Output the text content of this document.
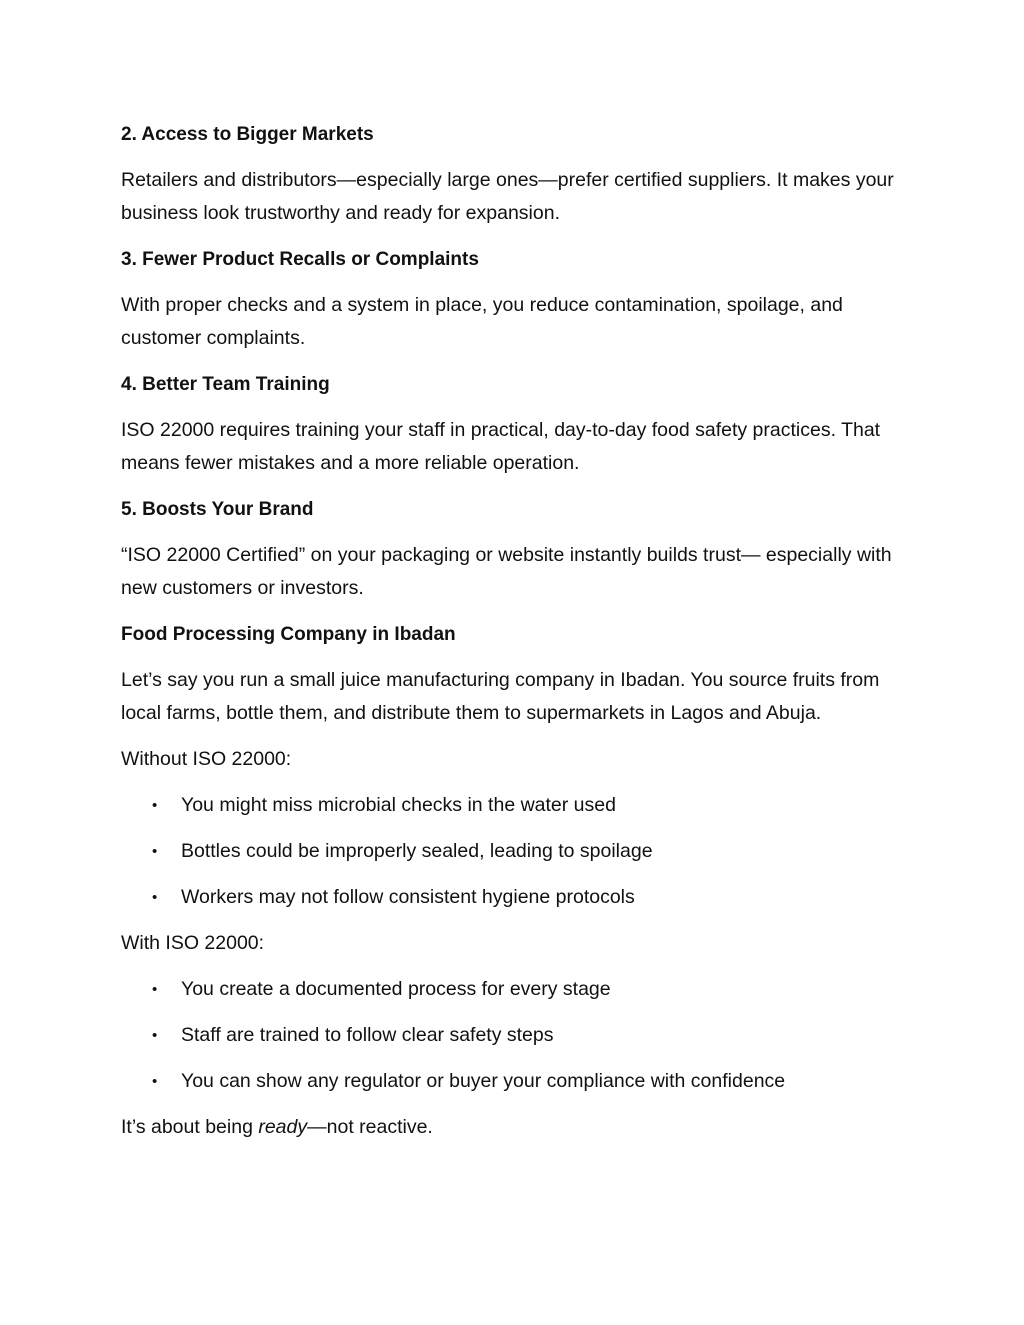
2. Access to Bigger Markets
Retailers and distributors—especially large ones—prefer certified suppliers. It makes your business look trustworthy and ready for expansion.
3. Fewer Product Recalls or Complaints
With proper checks and a system in place, you reduce contamination, spoilage, and customer complaints.
4. Better Team Training
ISO 22000 requires training your staff in practical, day-to-day food safety practices. That means fewer mistakes and a more reliable operation.
5. Boosts Your Brand
“ISO 22000 Certified” on your packaging or website instantly builds trust— especially with new customers or investors.
Food Processing Company in Ibadan
Let’s say you run a small juice manufacturing company in Ibadan. You source fruits from local farms, bottle them, and distribute them to supermarkets in Lagos and Abuja.
Without ISO 22000:
• You might miss microbial checks in the water used
• Bottles could be improperly sealed, leading to spoilage
• Workers may not follow consistent hygiene protocols
With ISO 22000:
• You create a documented process for every stage
• Staff are trained to follow clear safety steps
• You can show any regulator or buyer your compliance with confidence
It’s about being ready—not reactive.
